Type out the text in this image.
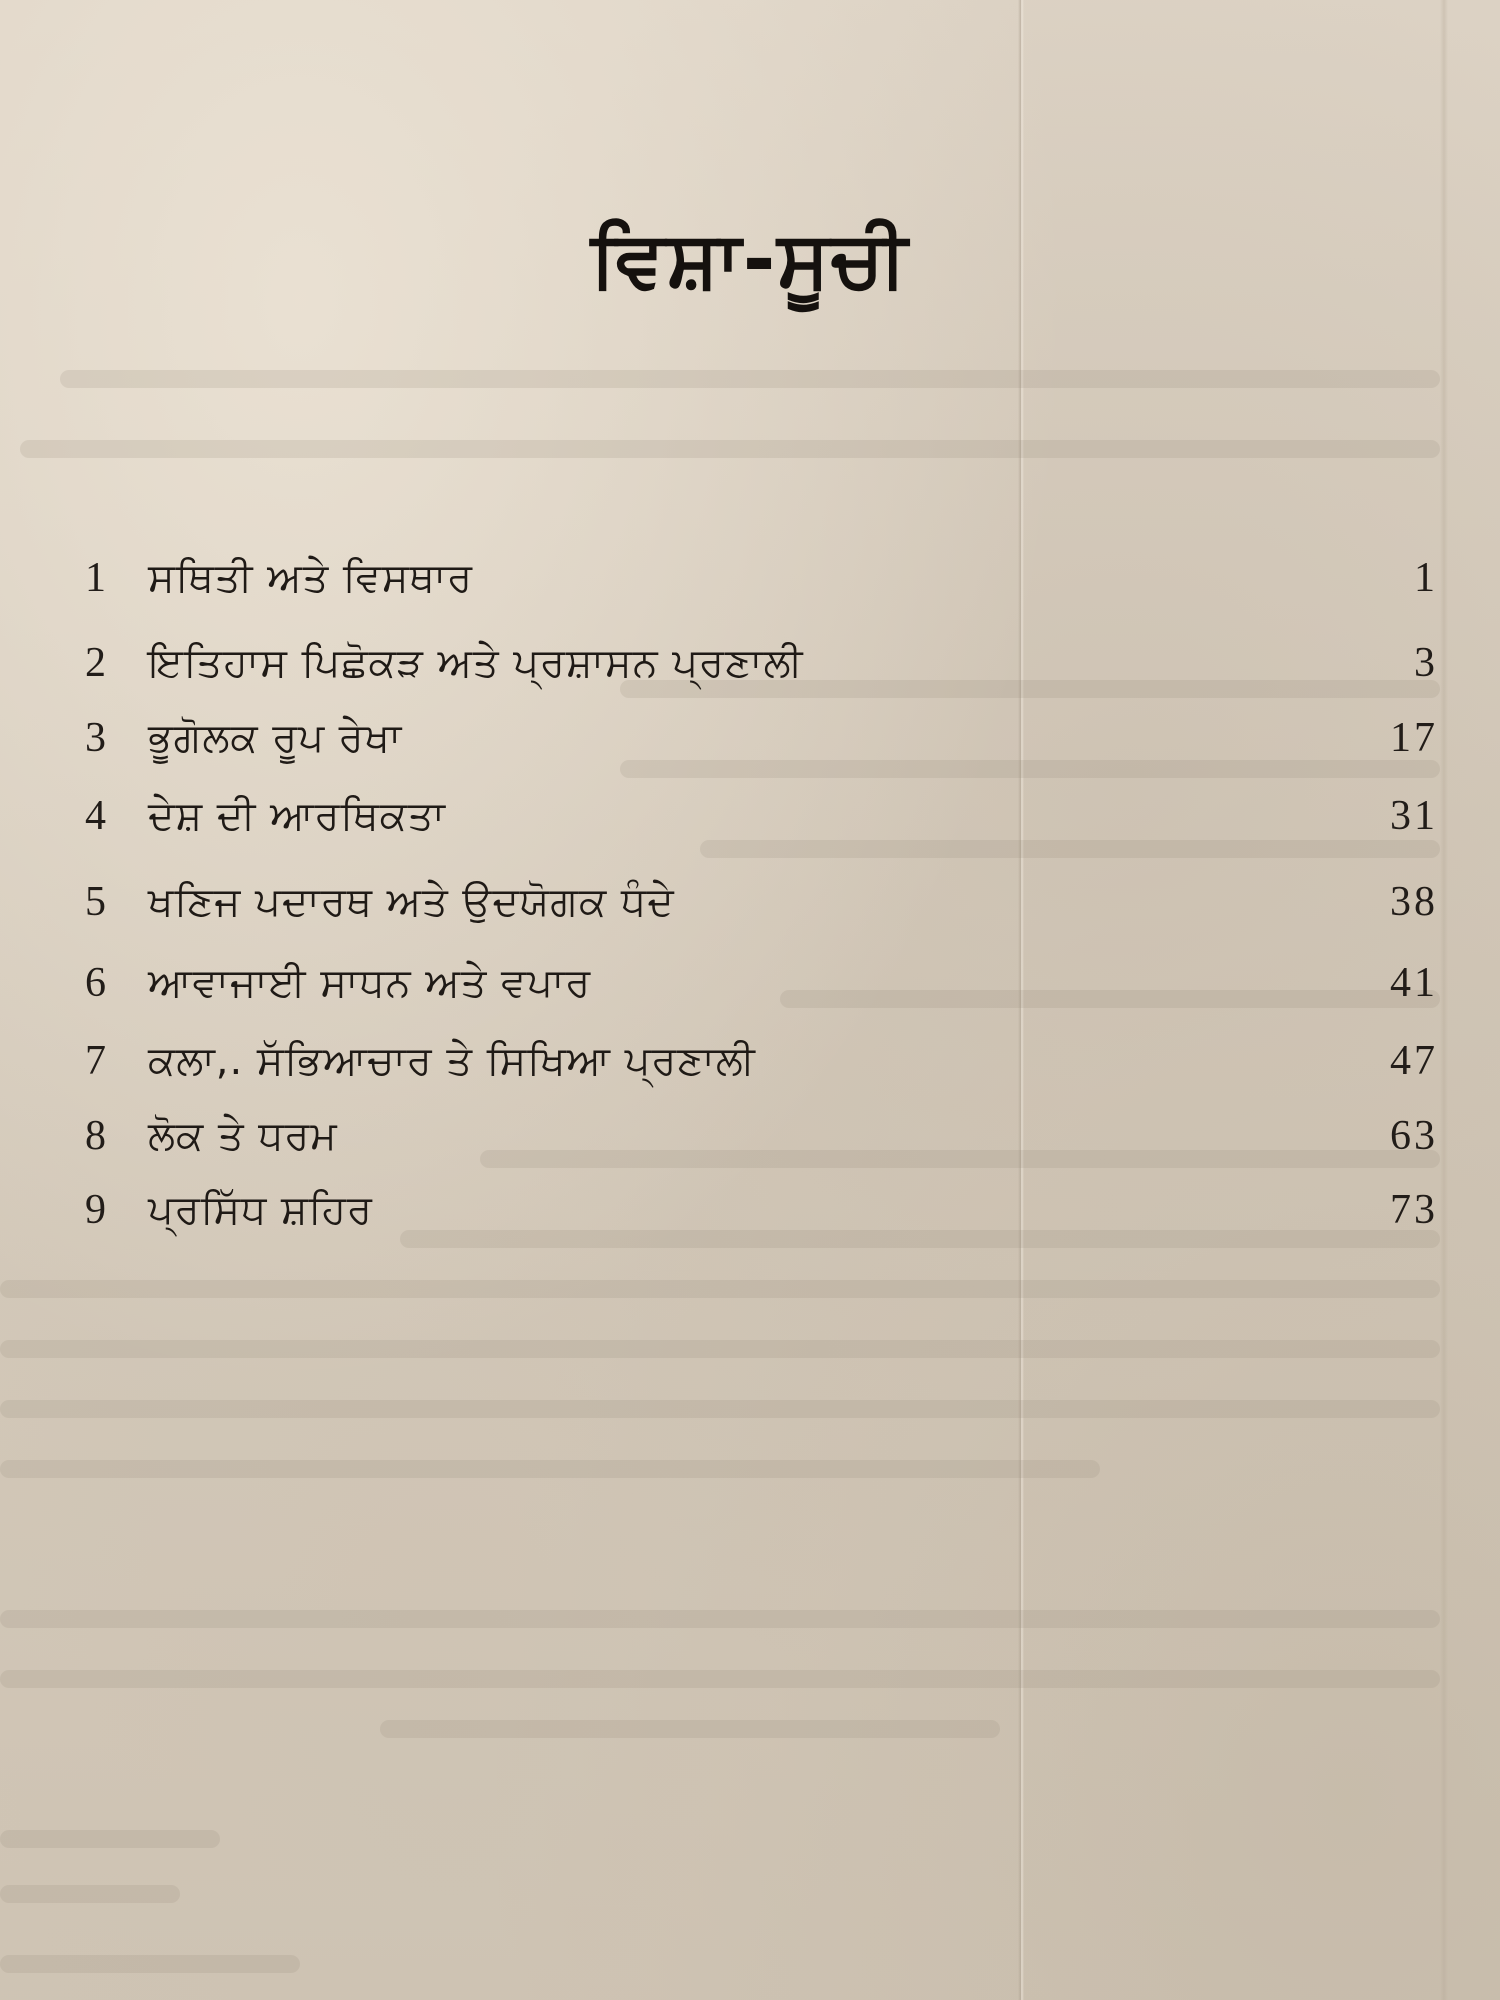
ਵਿਸ਼ਾ-ਸੂਚੀ
1 ਸਥਿਤੀ ਅਤੇ ਵਿਸਥਾਰ	1
2 ਇਤਿਹਾਸ ਪਿਛੋਕੜ ਅਤੇ ਪ੍ਰਸ਼ਾਸਨ ਪ੍ਰਣਾਲੀ	3
3 ਭੂਗੋਲਕ ਰੂਪ ਰੇਖਾ	17
4 ਦੇਸ਼ ਦੀ ਆਰਥਿਕਤਾ	31
5 ਖਣਿਜ ਪਦਾਰਥ ਅਤੇ ਉਦਯੋਗਕ ਧੰਦੇ	38
6 ਆਵਾਜਾਈ ਸਾਧਨ ਅਤੇ ਵਪਾਰ	41
7 ਕਲਾ,. ਸੱਭਿਆਚਾਰ ਤੇ ਸਿਖਿਆ ਪ੍ਰਣਾਲੀ	47
8 ਲੋਕ ਤੇ ਧਰਮ	63
9 ਪ੍ਰਸਿੱਧ ਸ਼ਹਿਰ	73
